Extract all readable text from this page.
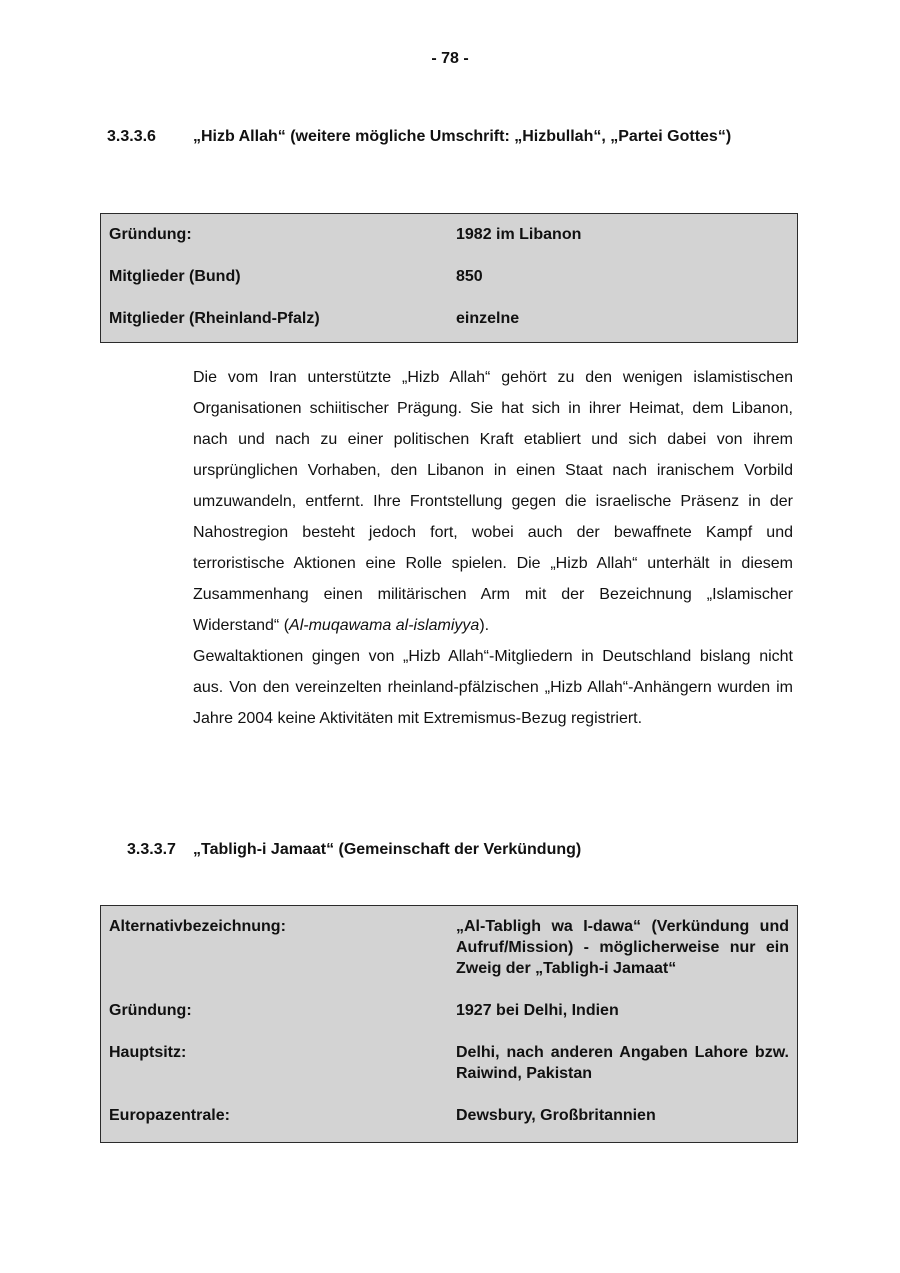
- 78 -
3.3.3.6	„Hizb Allah“ (weitere mögliche Umschrift: „Hizbullah“, „Partei Gottes“)
Gründung:	1982 im Libanon
Mitglieder (Bund)	850
Mitglieder (Rheinland-Pfalz)	einzelne

Die vom Iran unterstützte „Hizb Allah“ gehört zu den wenigen islamistischen Organisationen schiitischer Prägung. Sie hat sich in ihrer Heimat, dem Libanon, nach und nach zu einer politischen Kraft etabliert und sich dabei von ihrem ursprünglichen Vorhaben, den Libanon in einen Staat nach iranischem Vorbild umzuwandeln, entfernt. Ihre Frontstellung gegen die israelische Präsenz in der Nahostregion besteht jedoch fort, wobei auch der bewaffnete Kampf und terroristische Aktionen eine Rolle spielen. Die „Hizb Allah“ unterhält in diesem Zusammenhang einen militärischen Arm mit der Bezeichnung „Islamischer Widerstand“ (Al-muqawama al-islamiyya).

Gewaltaktionen gingen von „Hizb Allah“-Mitgliedern in Deutschland bislang nicht aus. Von den vereinzelten rheinland-pfälzischen „Hizb Allah“-Anhängern wurden im Jahre 2004 keine Aktivitäten mit Extremismus-Bezug registriert.

3.3.3.7	„Tabligh-i Jamaat“ (Gemeinschaft der Verkündung)
Alternativbezeichnung:	„Al-Tabligh wa I-dawa“ (Verkündung und Aufruf/Mission) - möglicherweise nur ein Zweig der „Tabligh-i Jamaat“
Gründung:	1927 bei Delhi, Indien
Hauptsitz:	Delhi, nach anderen Angaben Lahore bzw. Raiwind, Pakistan
Europazentrale:	Dewsbury, Großbritannien
